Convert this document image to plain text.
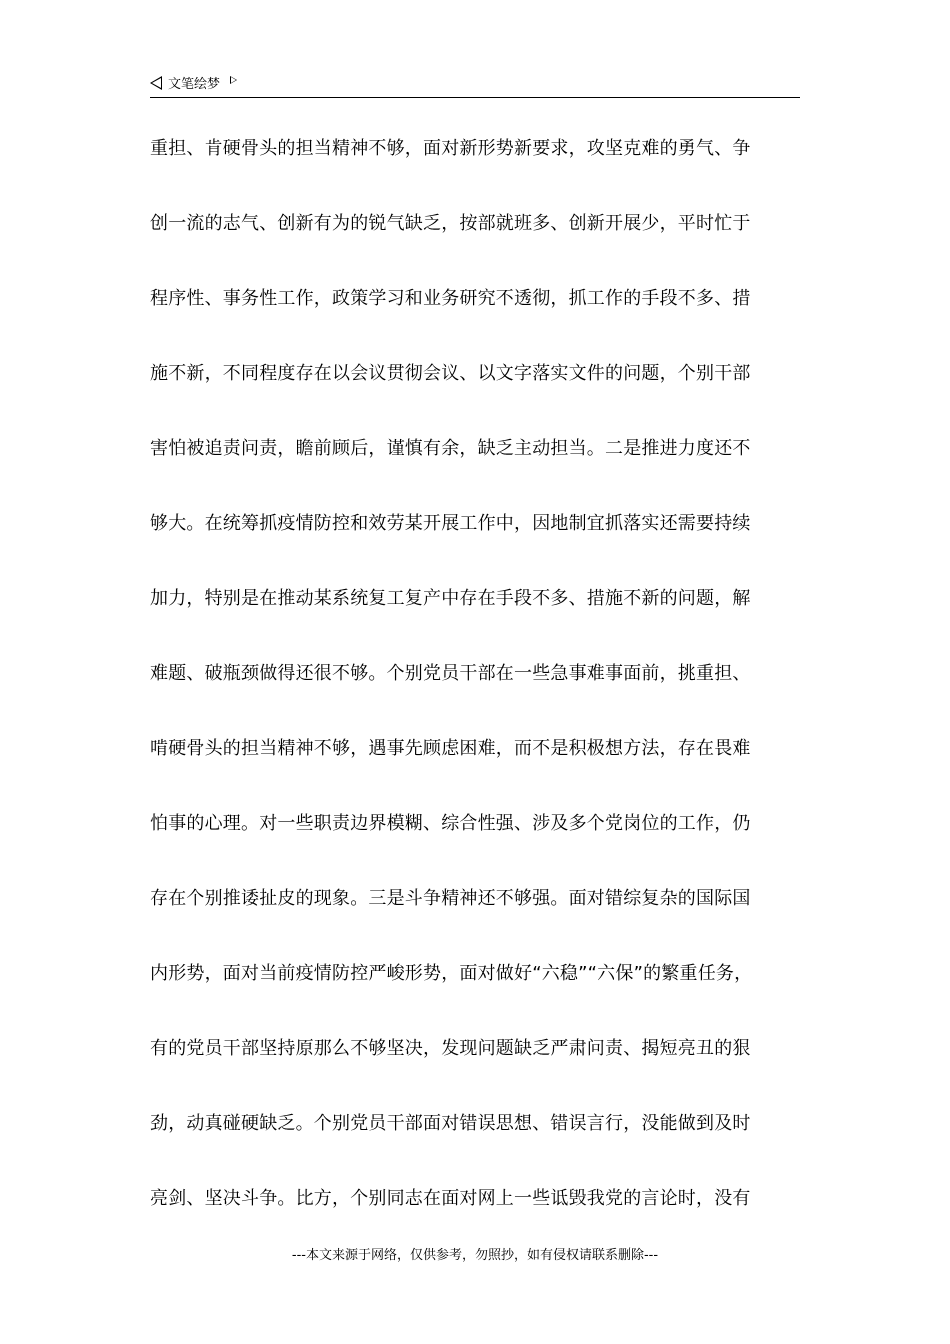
文笔绘梦
重担、肯硬骨头的担当精神不够，面对新形势新要求，攻坚克难的勇气、争
创一流的志气、创新有为的锐气缺乏，按部就班多、创新开展少，平时忙于
程序性、事务性工作，政策学习和业务研究不透彻，抓工作的手段不多、措
施不新，不同程度存在以会议贯彻会议、以文字落实文件的问题，个别干部
害怕被追责问责，瞻前顾后，谨慎有余，缺乏主动担当。二是推进力度还不
够大。在统筹抓疫情防控和效劳某开展工作中，因地制宜抓落实还需要持续
加力，特别是在推动某系统复工复产中存在手段不多、措施不新的问题，解
难题、破瓶颈做得还很不够。个别党员干部在一些急事难事面前，挑重担、
啃硬骨头的担当精神不够，遇事先顾虑困难，而不是积极想方法，存在畏难
怕事的心理。对一些职责边界模糊、综合性强、涉及多个党岗位的工作，仍
存在个别推诿扯皮的现象。三是斗争精神还不够强。面对错综复杂的国际国
内形势，面对当前疫情防控严峻形势，面对做好“六稳”“六保”的繁重任务，
有的党员干部坚持原那么不够坚决，发现问题缺乏严肃问责、揭短亮丑的狠
劲，动真碰硬缺乏。个别党员干部面对错误思想、错误言行，没能做到及时
亮剑、坚决斗争。比方，个别同志在面对网上一些诋毁我党的言论时，没有
---本文来源于网络，仅供参考，勿照抄，如有侵权请联系删除---
